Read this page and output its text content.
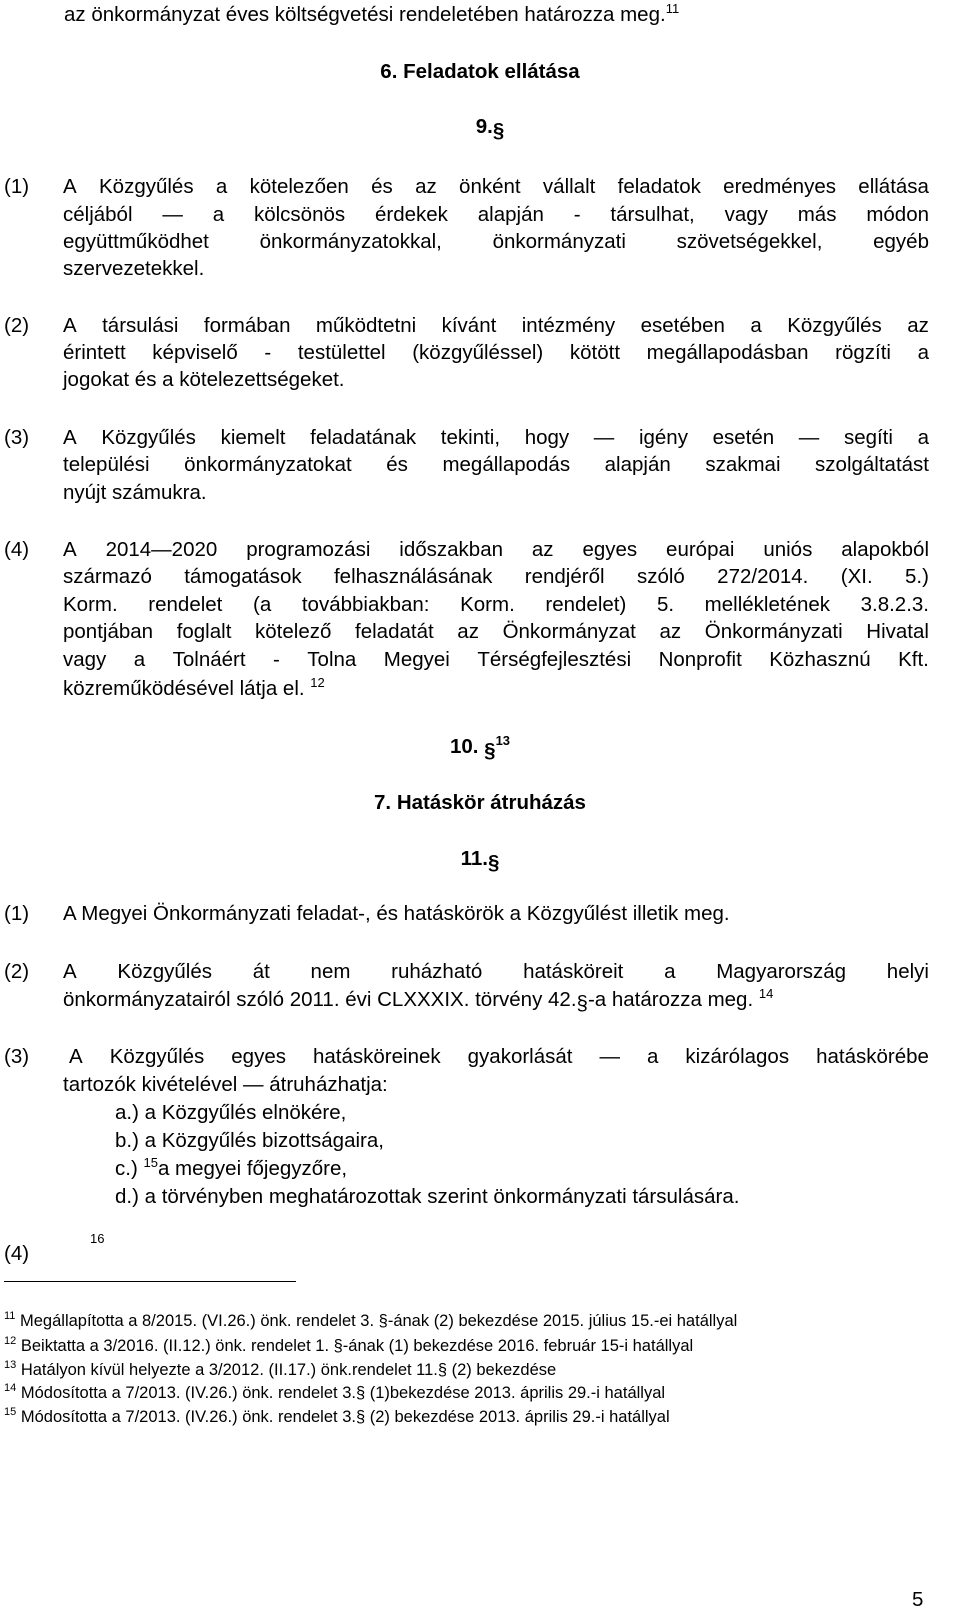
az önkormányzat éves költségvetési rendeletében határozza meg.$^{11}$
6. Feladatok ellátása
9.§
(1) A Közgyűlés a kötelezően és az önként vállalt feladatok eredményes ellátása
céljából — a kölcsönös érdekek alapján - társulhat, vagy más módon
együttműködhet önkormányzatokkal, önkormányzati szövetségekkel, egyéb
szervezetekkel.
(2) A társulási formában működtetni kívánt intézmény esetében a Közgyűlés az
érintett képviselő - testülettel (közgyűléssel) kötött megállapodásban rögzíti a
jogokat és a kötelezettségeket.
(3) A Közgyűlés kiemelt feladatának tekinti, hogy — igény esetén — segíti a
települési önkormányzatokat és megállapodás alapján szakmai szolgáltatást
nyújt számukra.
(4) A 2014—2020 programozási időszakban az egyes európai uniós alapokból
származó támogatások felhasználásának rendjéről szóló 272/2014. (XI. 5.)
Korm. rendelet (a továbbiakban: Korm. rendelet) 5. mellékletének 3.8.2.3.
pontjában foglalt kötelező feladatát az Önkormányzat az Önkormányzati Hivatal
vagy a Tolnáért - Tolna Megyei Térségfejlesztési Nonprofit Közhasznú Kft.
közreműködésével látja el. $^{12}$
10. §$^{13}$
7. Hatáskör átruházás
11.§
(1) A Megyei Önkormányzati feladat-, és hatáskörök a Közgyűlést illetik meg.
(2) A Közgyűlés át nem ruházható hatásköreit a Magyarország helyi
önkormányzatairól szóló 2011. évi CLXXXIX. törvény 42.§-a határozza meg. $^{14}$
(3) A Közgyűlés egyes hatásköreinek gyakorlását — a kizárólagos hatáskörébe
tartozók kivételével — átruházhatja:
a.) a Közgyűlés elnökére,
b.) a Közgyűlés bizottságaira,
c.) $^{15}$a megyei főjegyzőre,
d.) a törvényben meghatározottak szerint önkormányzati társulására.
(4)
16
$^{11}$ Megállapította a 8/2015. (VI.26.) önk. rendelet 3. §-ának (2) bekezdése 2015. július 15.-ei hatállyal
$^{12}$ Beiktatta a 3/2016. (II.12.) önk. rendelet 1. §-ának (1) bekezdése 2016. február 15-i hatállyal
$^{13}$ Hatályon kívül helyezte a 3/2012. (II.17.) önk.rendelet 11.§ (2) bekezdése
$^{14}$ Módosította a 7/2013. (IV.26.) önk. rendelet 3.§ (1)bekezdése 2013. április 29.-i hatállyal
$^{15}$ Módosította a 7/2013. (IV.26.) önk. rendelet 3.§ (2) bekezdése 2013. április 29.-i hatállyal
5
